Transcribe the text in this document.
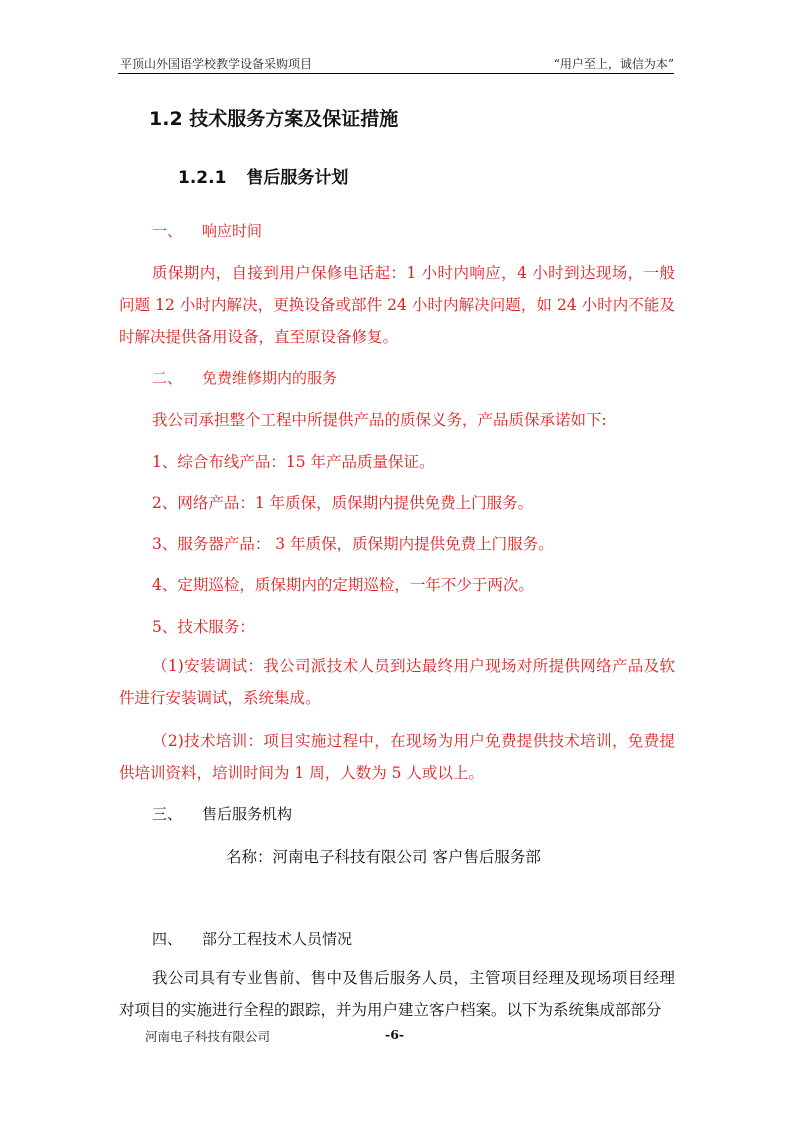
平顶山外国语学校教学设备采购项目	“用户至上，诚信为本”
1.2 技术服务方案及保证措施
1.2.1 售后服务计划
一、 响应时间
质保期内，自接到用户保修电话起：1 小时内响应，4 小时到达现场，一般问题 12 小时内解决，更换设备或部件 24 小时内解决问题，如 24 小时内不能及时解决提供备用设备，直至原设备修复。
二、 免费维修期内的服务
我公司承担整个工程中所提供产品的质保义务，产品质保承诺如下:
1、综合布线产品：15 年产品质量保证。
2、网络产品：1 年质保，质保期内提供免费上门服务。
3、服务器产品： 3 年质保，质保期内提供免费上门服务。
4、定期巡检，质保期内的定期巡检，一年不少于两次。
5、技术服务：
（1)安装调试：我公司派技术人员到达最终用户现场对所提供网络产品及软件进行安装调试，系统集成。
（2)技术培训：项目实施过程中，在现场为用户免费提供技术培训，免费提供培训资料，培训时间为 1 周，人数为 5 人或以上。
三、 售后服务机构
名称：河南电子科技有限公司 客户售后服务部
四、 部分工程技术人员情况
我公司具有专业售前、售中及售后服务人员，主管项目经理及现场项目经理对项目的实施进行全程的跟踪，并为用户建立客户档案。以下为系统集成部部分
河南电子科技有限公司	-6-
